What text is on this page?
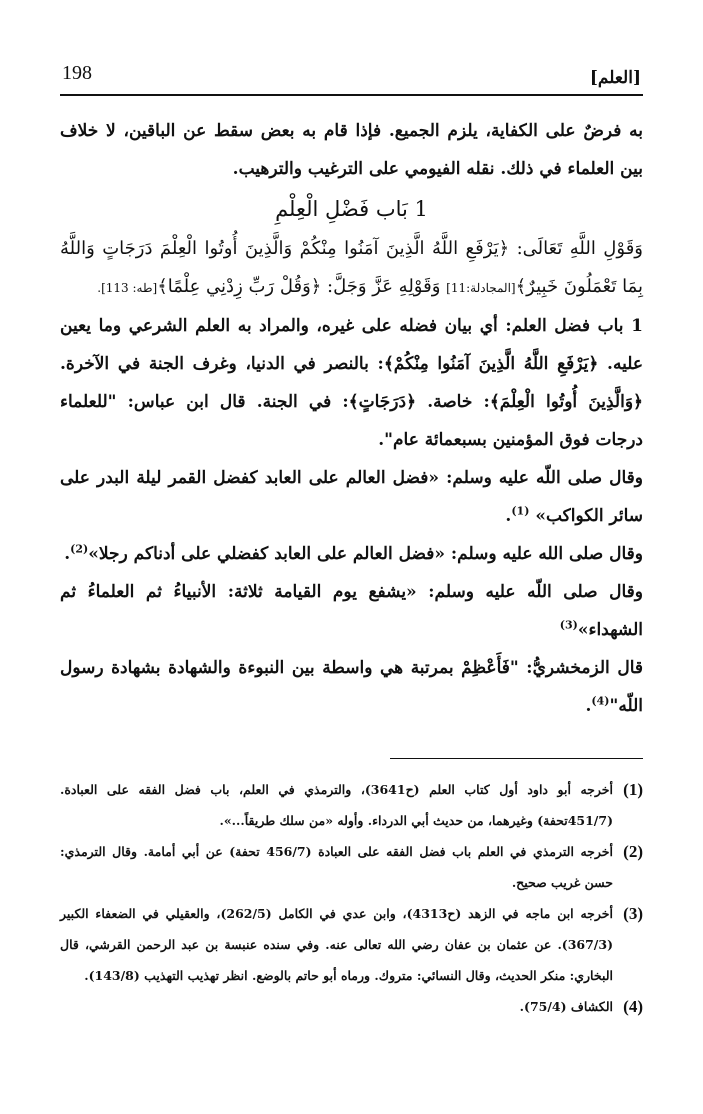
198	[العلم]

به فرضٌ على الكفاية، يلزم الجميع. فإذا قام به بعض سقط عن الباقين، لا خلاف بين العلماء في ذلك. نقله الفيومي على الترغيب والترهيب.

1 بَاب فَضْلِ الْعِلْمِ

وَقَوْلِ اللَّهِ تَعَالَى: ﴿يَرْفَعِ اللَّهُ الَّذِينَ آمَنُوا مِنْكُمْ وَالَّذِينَ أُوتُوا الْعِلْمَ دَرَجَاتٍ وَاللَّهُ بِمَا تَعْمَلُونَ خَبِيرٌ﴾[المجادلة:11] وَقَوْلِهِ عَزَّ وَجَلَّ: ﴿وَقُلْ رَبِّ زِدْنِي عِلْمًا﴾[طه: 113].

1 باب فضل العلم: أي بيان فضله على غيره، والمراد به العلم الشرعي وما يعين عليه. ﴿يَرْفَعِ اللَّهُ الَّذِينَ آمَنُوا مِنْكُمْ﴾: بالنصر في الدنيا، وغرف الجنة في الآخرة. ﴿وَالَّذِينَ أُوتُوا الْعِلْمَ﴾: خاصة. ﴿دَرَجَاتٍ﴾: في الجنة. قال ابن عباس: "للعلماء درجات فوق المؤمنين بسبعمائة عام".

وقال صلى اللّه عليه وسلم: «فضل العالم على العابد كفضل القمر ليلة البدر على سائر الكواكب» $^{(1)}$.

وقال صلى الله عليه وسلم: «فضل العالم على العابد كفضلي على أدناكم رجلا»$^{(2)}$.

وقال صلى اللّه عليه وسلم: «يشفع يوم القيامة ثلاثة: الأنبياءُ ثم العلماءُ ثم الشهداء»$^{(3)}$

قال الزمخشريُّ: "فَأَعْظِمْ بمرتبة هي واسطة بين النبوءة والشهادة بشهادة رسول اللّه"$^{(4)}$.

(1)
أخرجه أبو داود أول كتاب العلم (ح3641)، والترمذي في العلم، باب فضل الفقه على العبادة. (451/7تحفة) وغيرهما، من حديث أبي الدرداء. وأوله «من سلك طريقاً...».
(2)
أخرجه الترمذي في العلم باب فضل الفقه على العبادة (456/7 تحفة) عن أبي أمامة. وقال الترمذي: حسن غريب صحيح.
(3)
أخرجه ابن ماجه في الزهد (ح4313)، وابن عدي في الكامل (262/5)، والعقيلي في الضعفاء الكبير (367/3). عن عثمان بن عفان رضي الله تعالى عنه. وفي سنده عنبسة بن عبد الرحمن القرشي، قال البخاري: منكر الحديث، وقال النسائي: متروك. ورماه أبو حاتم بالوضع. انظر تهذيب التهذيب (143/8).
(4)
الكشاف (75/4).
